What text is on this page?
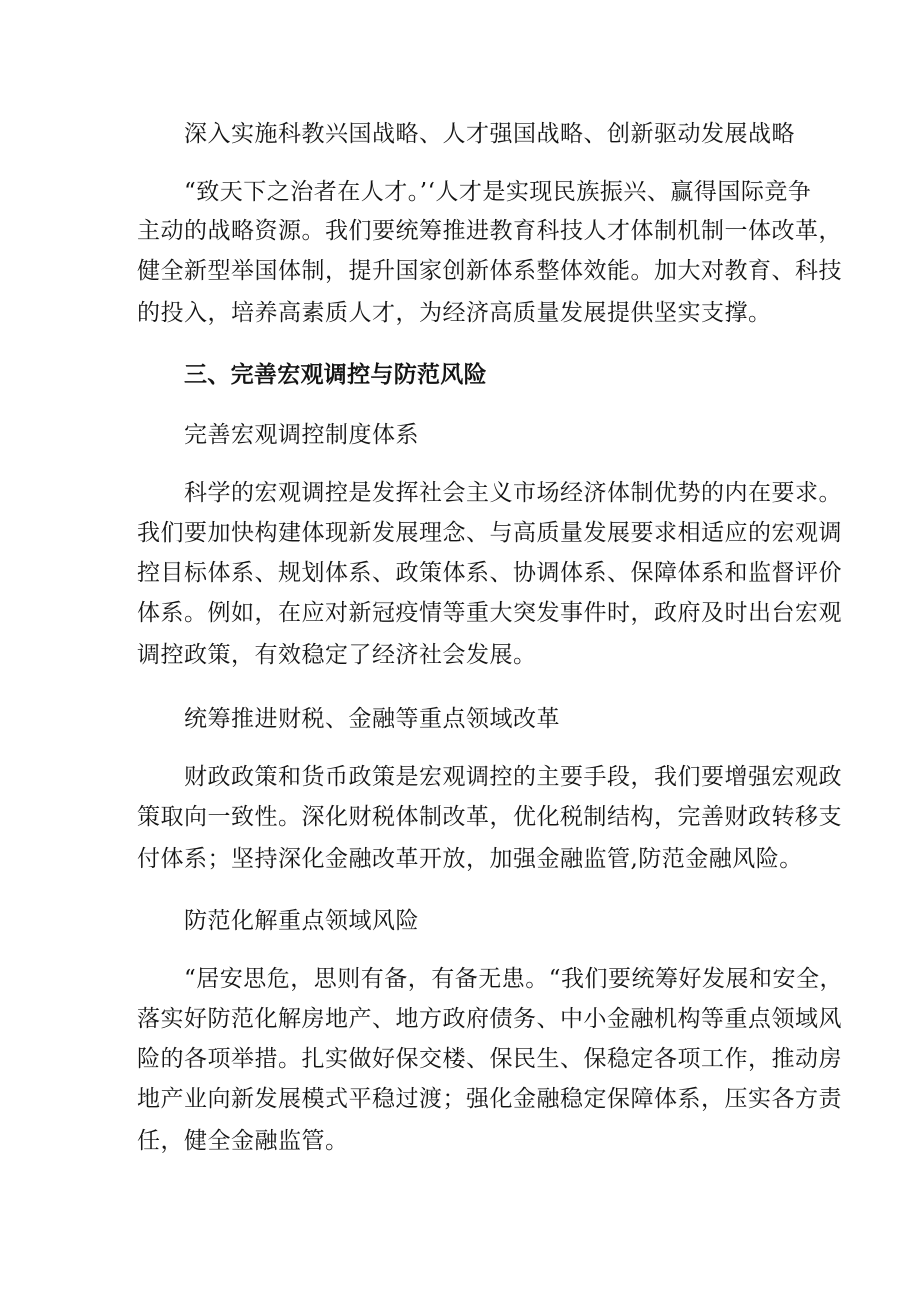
深入实施科教兴国战略、人才强国战略、创新驱动发展战略
“致天下之治者在人才。’‘人才是实现民族振兴、赢得国际竞争
主动的战略资源。我们要统筹推进教育科技人才体制机制一体改革，
健全新型举国体制，提升国家创新体系整体效能。加大对教育、科技
的投入，培养高素质人才，为经济高质量发展提供坚实支撑。
三、完善宏观调控与防范风险
完善宏观调控制度体系
科学的宏观调控是发挥社会主义市场经济体制优势的内在要求。
我们要加快构建体现新发展理念、与高质量发展要求相适应的宏观调
控目标体系、规划体系、政策体系、协调体系、保障体系和监督评价
体系。例如，在应对新冠疫情等重大突发事件时，政府及时出台宏观
调控政策，有效稳定了经济社会发展。
统筹推进财税、金融等重点领域改革
财政政策和货币政策是宏观调控的主要手段，我们要增强宏观政
策取向一致性。深化财税体制改革，优化税制结构，完善财政转移支
付体系；坚持深化金融改革开放，加强金融监管,防范金融风险。
防范化解重点领域风险
“居安思危，思则有备，有备无患。“我们要统筹好发展和安全，
落实好防范化解房地产、地方政府债务、中小金融机构等重点领域风
险的各项举措。扎实做好保交楼、保民生、保稳定各项工作，推动房
地产业向新发展模式平稳过渡；强化金融稳定保障体系，压实各方责
任，健全金融监管。
